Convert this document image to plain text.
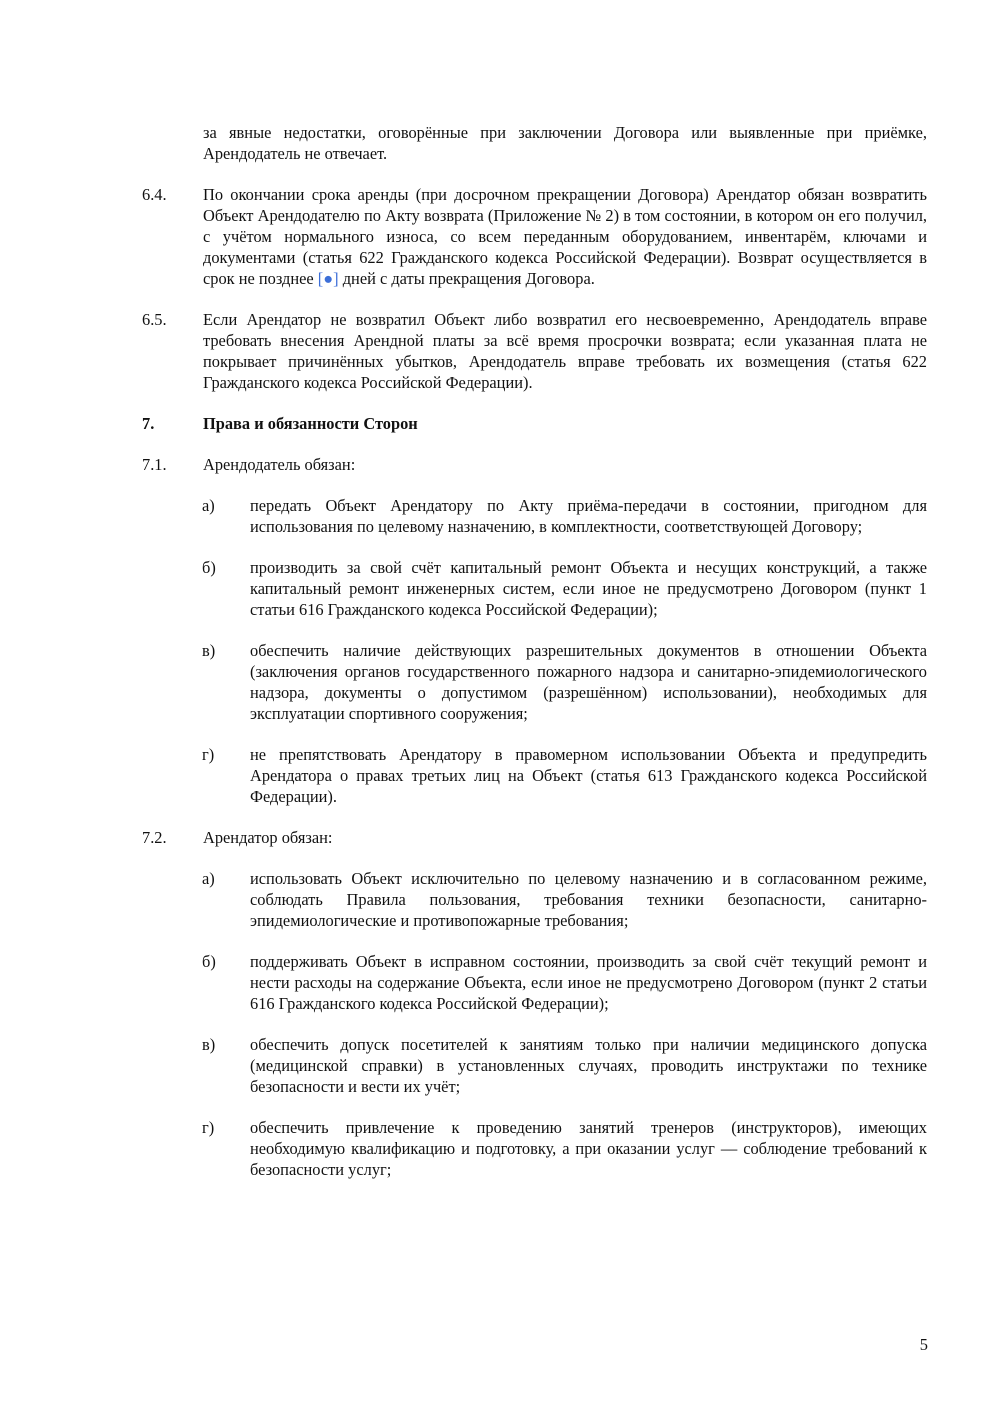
за явные недостатки, оговорённые при заключении Договора или выявленные при приёмке, Арендодатель не отвечает.

6.4. По окончании срока аренды (при досрочном прекращении Договора) Арендатор обязан возвратить Объект Арендодателю по Акту возврата (Приложение № 2) в том состоянии, в котором он его получил, с учётом нормального износа, со всем переданным оборудованием, инвентарём, ключами и документами (статья 622 Гражданского кодекса Российской Федерации). Возврат осуществляется в срок не позднее [●] дней с даты прекращения Договора.
6.5. Если Арендатор не возвратил Объект либо возвратил его несвоевременно, Арендодатель вправе требовать внесения Арендной платы за всё время просрочки возврата; если указанная плата не покрывает причинённых убытков, Арендодатель вправе требовать их возмещения (статья 622 Гражданского кодекса Российской Федерации).
7.	Права и обязанности Сторон
7.1. Арендодатель обязан:
а) передать Объект Арендатору по Акту приёма-передачи в состоянии, пригодном для использования по целевому назначению, в комплектности, соответствующей Договору;
б) производить за свой счёт капитальный ремонт Объекта и несущих конструкций, а также капитальный ремонт инженерных систем, если иное не предусмотрено Договором (пункт 1 статьи 616 Гражданского кодекса Российской Федерации);
в) обеспечить наличие действующих разрешительных документов в отношении Объекта (заключения органов государственного пожарного надзора и санитарно-эпидемиологического надзора, документы о допустимом (разрешённом) использовании), необходимых для эксплуатации спортивного сооружения;
г) не препятствовать Арендатору в правомерном использовании Объекта и предупредить Арендатора о правах третьих лиц на Объект (статья 613 Гражданского кодекса Российской Федерации).
7.2. Арендатор обязан:
а) использовать Объект исключительно по целевому назначению и в согласованном режиме, соблюдать Правила пользования, требования техники безопасности, санитарно-эпидемиологические и противопожарные требования;
б) поддерживать Объект в исправном состоянии, производить за свой счёт текущий ремонт и нести расходы на содержание Объекта, если иное не предусмотрено Договором (пункт 2 статьи 616 Гражданского кодекса Российской Федерации);
в) обеспечить допуск посетителей к занятиям только при наличии медицинского допуска (медицинской справки) в установленных случаях, проводить инструктажи по технике безопасности и вести их учёт;
г) обеспечить привлечение к проведению занятий тренеров (инструкторов), имеющих необходимую квалификацию и подготовку, а при оказании услуг — соблюдение требований к безопасности услуг;
5
